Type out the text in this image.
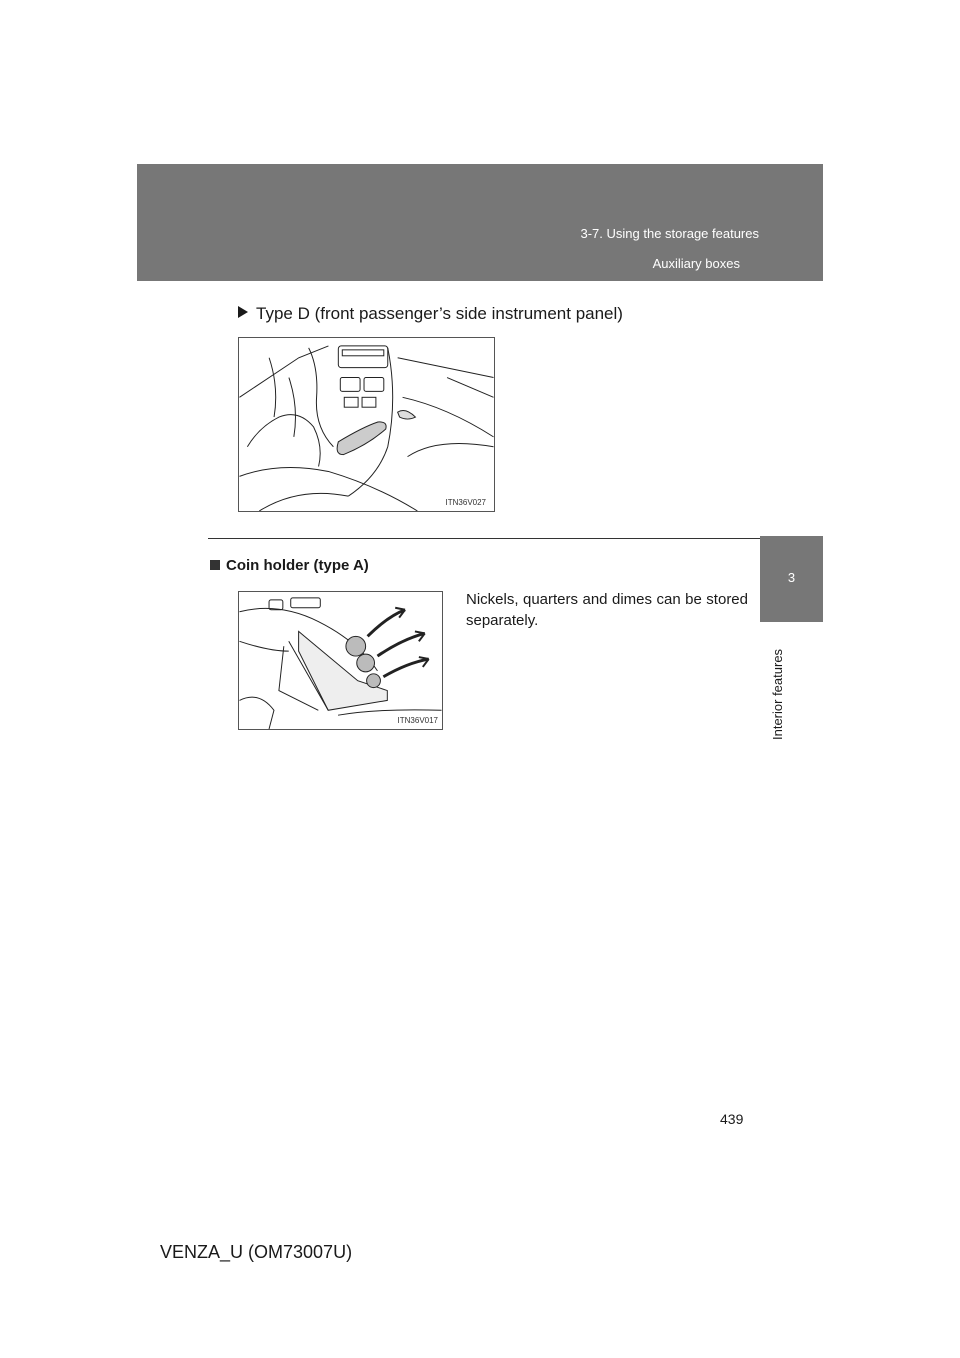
3-7. Using the storage features
Auxiliary boxes
3
Interior features
Type D (front passenger’s side instrument panel)
ITN36V027
Coin holder (type A)
ITN36V017
Nickels, quarters and dimes can be stored separately.
439
VENZA_U (OM73007U)
